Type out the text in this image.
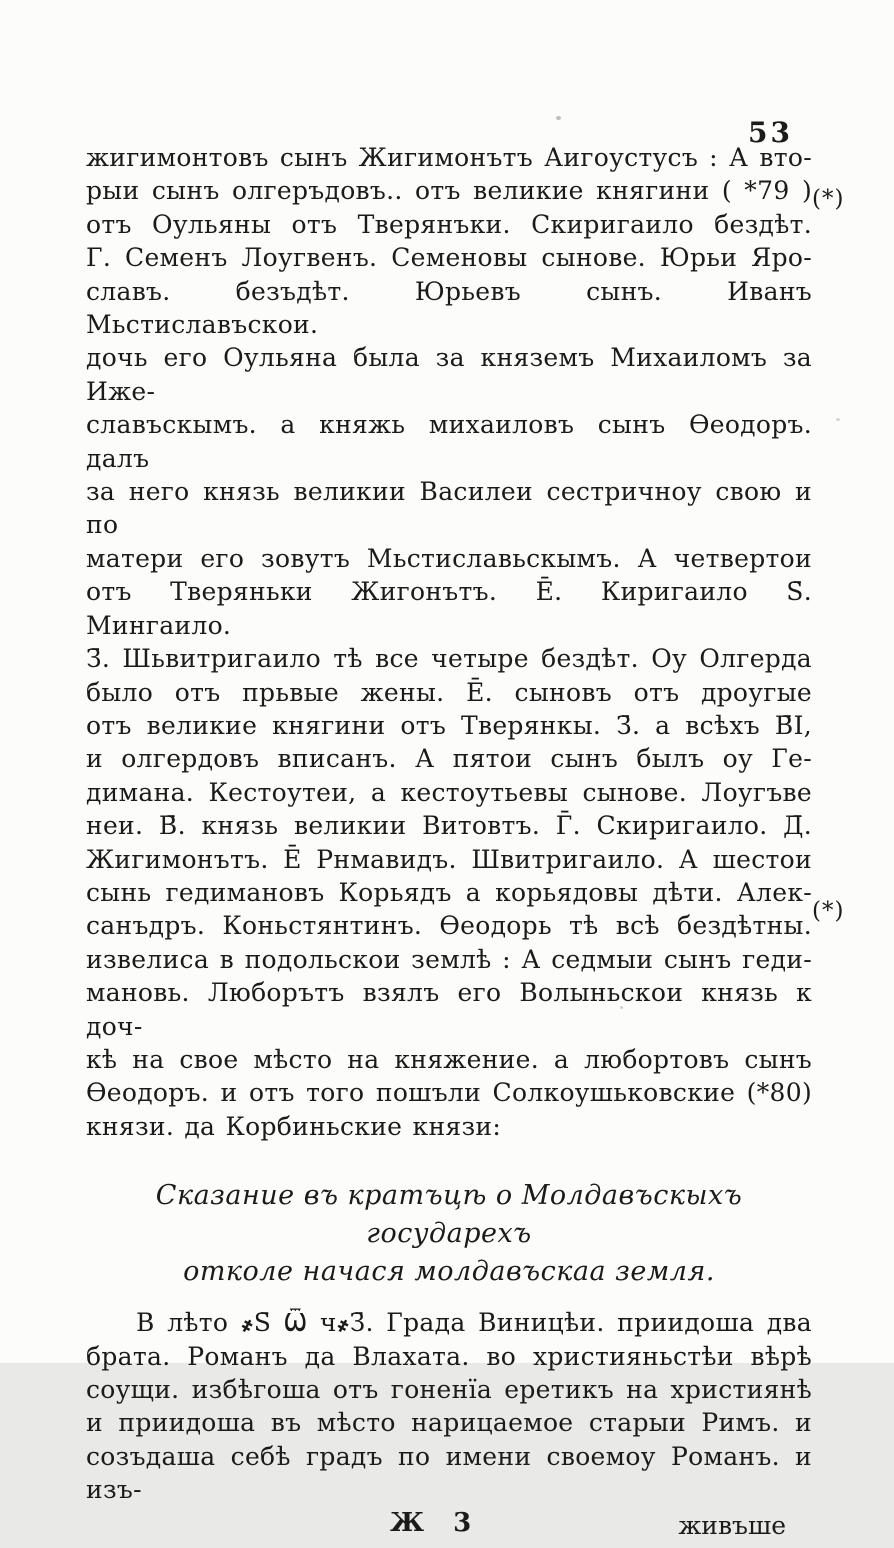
53
(*)
(*)
жигимонтовъ сынъ Жигимонътъ Аигоустусъ : А вто-
рыи сынъ олгеръдовъ.. отъ великие княгини ( *79 )
отъ Оульяны отъ Тверянъки. Скиригаило бездѣт.
Г. Семенъ Лоугвенъ. Семеновы сынове. Юрьи Яро-
славъ. безъдѣт. Юрьевъ сынъ. Иванъ Мьстиславъскои.
дочь его Оульяна была за княземъ Михаиломъ за Иже-
славъскымъ. а княжь михаиловъ сынъ Ѳеодоръ. далъ
за него князь великии Василеи сестричноу свою и по
матери его зовутъ Мьстиславьскымъ. А четвертои
отъ Тверяньки Жигонътъ. Е̄. Киригаило Ѕ̄. Мингаило.
З̄. Шьвитригаило тѣ все четыре бездѣт. Оу Олгерда
было отъ прьвые жены. Е̄. сыновъ отъ дроугые
отъ великие княгини отъ Тверянкы. З̄. а всѣхъ В̄І,
и олгердовъ вписанъ. А пятои сынъ былъ оу Ге-
димана. Кестоутеи, а кестоутьевы сынове. Лоугъве
неи. В̄. князь великии Витовтъ. Г̄. Скиригаило. Д̄.
Жигимонътъ. Е̄ Рнмавидъ. Швитригаило. А шестои
сынь гедимановъ Корьядъ а корьядовы дѣти. Алек-
санъдръ. Коньстянтинъ. Ѳеодорь тѣ всѣ бездѣтны.
извелиса в подольскои землѣ : А седмыи сынъ геди-
мановь. Люборътъ взялъ его Волыньскои князь к доч-
кѣ на свое мѣсто на княжение. а любортовъ сынъ
Ѳеодоръ. и отъ того пошъли Солкоушьковские (*80)
князи. да Корбиньские князи:
Сказание въ кратъцѣ о Молдавъскыхъ государехъ
отколе начася молдавъскаа земля.
В лѣто ҂Ѕ̄ Ѿ ч҂З̄. Града Виницѣи. приидоша два
брата. Романъ да Влахата. во християньстѣи вѣрѣ
соущи. избѣгоша отъ гоненїа еретикъ на християнѣ
и приидоша въ мѣсто нарицаемое старыи Римъ. и
созъдаша себѣ градъ по имени своемоу Романъ. и изъ-
Ж 3	живъше
